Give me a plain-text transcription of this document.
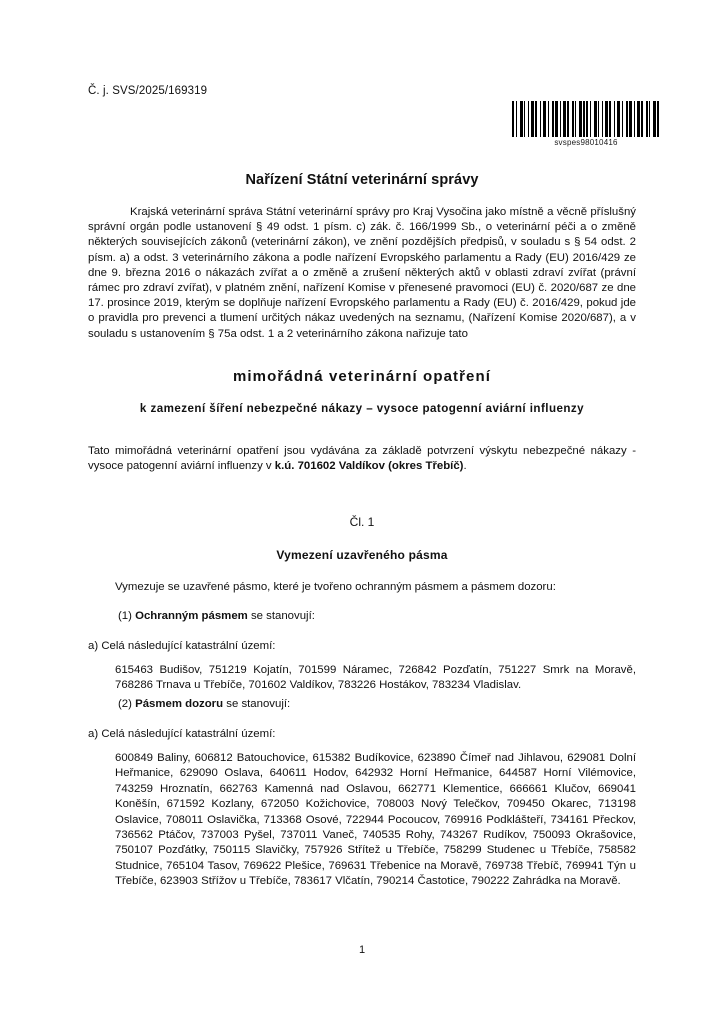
Č. j. SVS/2025/169319
svspes98010416
Nařízení Státní veterinární správy
Krajská veterinární správa Státní veterinární správy pro Kraj Vysočina jako místně a věcně příslušný správní orgán podle ustanovení § 49 odst. 1 písm. c) zák. č. 166/1999 Sb., o veterinární péči a o změně některých souvisejících zákonů (veterinární zákon), ve znění pozdějších předpisů, v souladu s § 54 odst. 2 písm. a) a odst. 3 veterinárního zákona a podle nařízení Evropského parlamentu a Rady (EU) 2016/429 ze dne 9. března 2016 o nákazách zvířat a o změně a zrušení některých aktů v oblasti zdraví zvířat (právní rámec pro zdraví zvířat), v platném znění, nařízení Komise v přenesené pravomoci (EU) č. 2020/687 ze dne 17. prosince 2019, kterým se doplňuje nařízení Evropského parlamentu a Rady (EU) č. 2016/429, pokud jde o pravidla pro prevenci a tlumení určitých nákaz uvedených na seznamu, (Nařízení Komise 2020/687), a v souladu s ustanovením § 75a odst. 1 a 2 veterinárního zákona nařizuje tato
mimořádná veterinární opatření
k zamezení šíření nebezpečné nákazy – vysoce patogenní aviární influenzy
Tato mimořádná veterinární opatření jsou vydávána za základě potvrzení výskytu nebezpečné nákazy - vysoce patogenní aviární influenzy v k.ú. 701602 Valdíkov (okres Třebíč).
Čl. 1
Vymezení uzavřeného pásma
Vymezuje se uzavřené pásmo, které je tvořeno ochranným pásmem a pásmem dozoru:
(1) Ochranným pásmem se stanovují:
a) Celá následující katastrální území:
615463 Budišov, 751219 Kojatín, 701599 Náramec, 726842 Pozďatín, 751227 Smrk na Moravě, 768286 Trnava u Třebíče, 701602 Valdíkov, 783226 Hostákov, 783234 Vladislav.
(2) Pásmem dozoru se stanovují:
a) Celá následující katastrální území:
600849 Baliny, 606812 Batouchovice, 615382 Budíkovice, 623890 Čímeř nad Jihlavou, 629081 Dolní Heřmanice, 629090 Oslava, 640611 Hodov, 642932 Horní Heřmanice, 644587 Horní Vilémovice, 743259 Hroznatín, 662763 Kamenná nad Oslavou, 662771 Klementice, 666661 Klučov, 669041 Koněšín, 671592 Kozlany, 672050 Kožichovice, 708003 Nový Telečkov, 709450 Okarec, 713198 Oslavice, 708011 Oslavička, 713368 Osové, 722944 Pocoucov, 769916 Podklášteří, 734161 Přeckov, 736562 Ptáčov, 737003 Pyšel, 737011 Vaneč, 740535 Rohy, 743267 Rudíkov, 750093 Okrašovice, 750107 Pozďátky, 750115 Slavičky, 757926 Střítež u Třebíče, 758299 Studenec u Třebíče, 758582 Studnice, 765104 Tasov, 769622 Plešice, 769631 Třebenice na Moravě, 769738 Třebíč, 769941 Týn u Třebíče, 623903 Střížov u Třebíče, 783617 Vlčatín, 790214 Častotice, 790222 Zahrádka na Moravě.
1
